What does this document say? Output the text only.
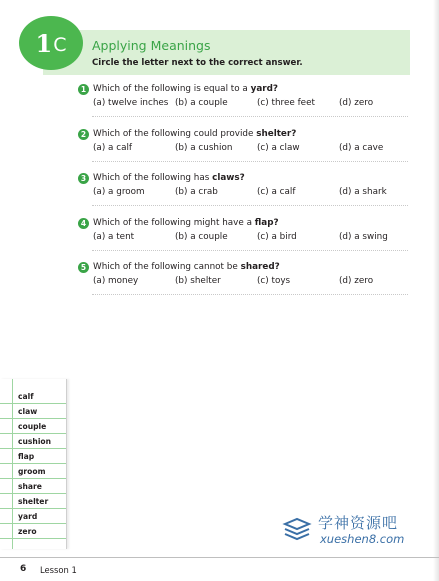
1 C Applying Meanings
Circle the letter next to the correct answer.
1 Which of the following is equal to a yard?
(a) twelve inches (b) a couple	(c) three feet	(d) zero
2 Which of the following could provide shelter?
(a) a calf	(b) a cushion	(c) a claw	(d) a cave
3 Which of the following has claws?
(a) a groom	(b) a crab	(c) a calf	(d) a shark
4 Which of the following might have a flap?
(a) a tent	(b) a couple	(c) a bird	(d) a swing
5 Which of the following cannot be shared?
(a) money	(b) shelter	(c) toys	(d) zero
calf
claw
couple
cushion
flap
groom
share
shelter
yard
zero	学神资源吧
xueshen8.com
6 Lesson 1
